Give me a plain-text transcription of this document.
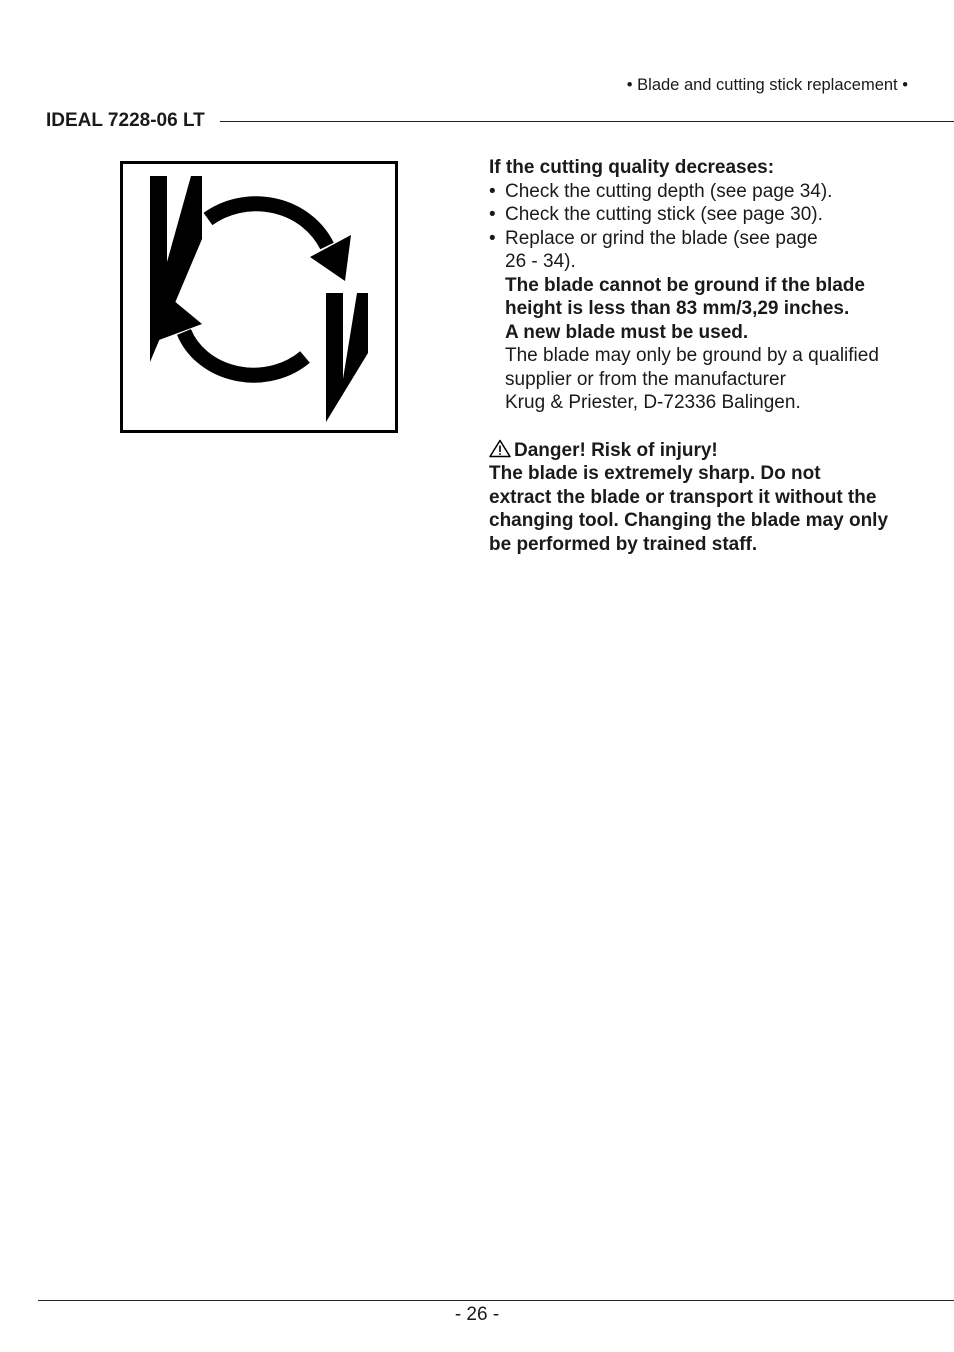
• Blade and cutting stick replacement •
IDEAL 7228-06 LT

If the cutting quality decreases:

• Check the cutting depth (see page 34).
• Check the cutting stick (see page 30).
• Replace or grind the blade (see page

26 - 34).

The blade cannot be ground if the blade

height is less than 83 mm/3,29 inches.

A new blade must be used.

The blade may only be ground by a qualified

supplier or from the manufacturer

Krug & Priester, D-72336 Balingen.

Danger! Risk of injury!

The blade is extremely sharp. Do not

extract the blade or transport it without the

changing tool. Changing the blade may only

be performed by trained staff.

- 26 -
